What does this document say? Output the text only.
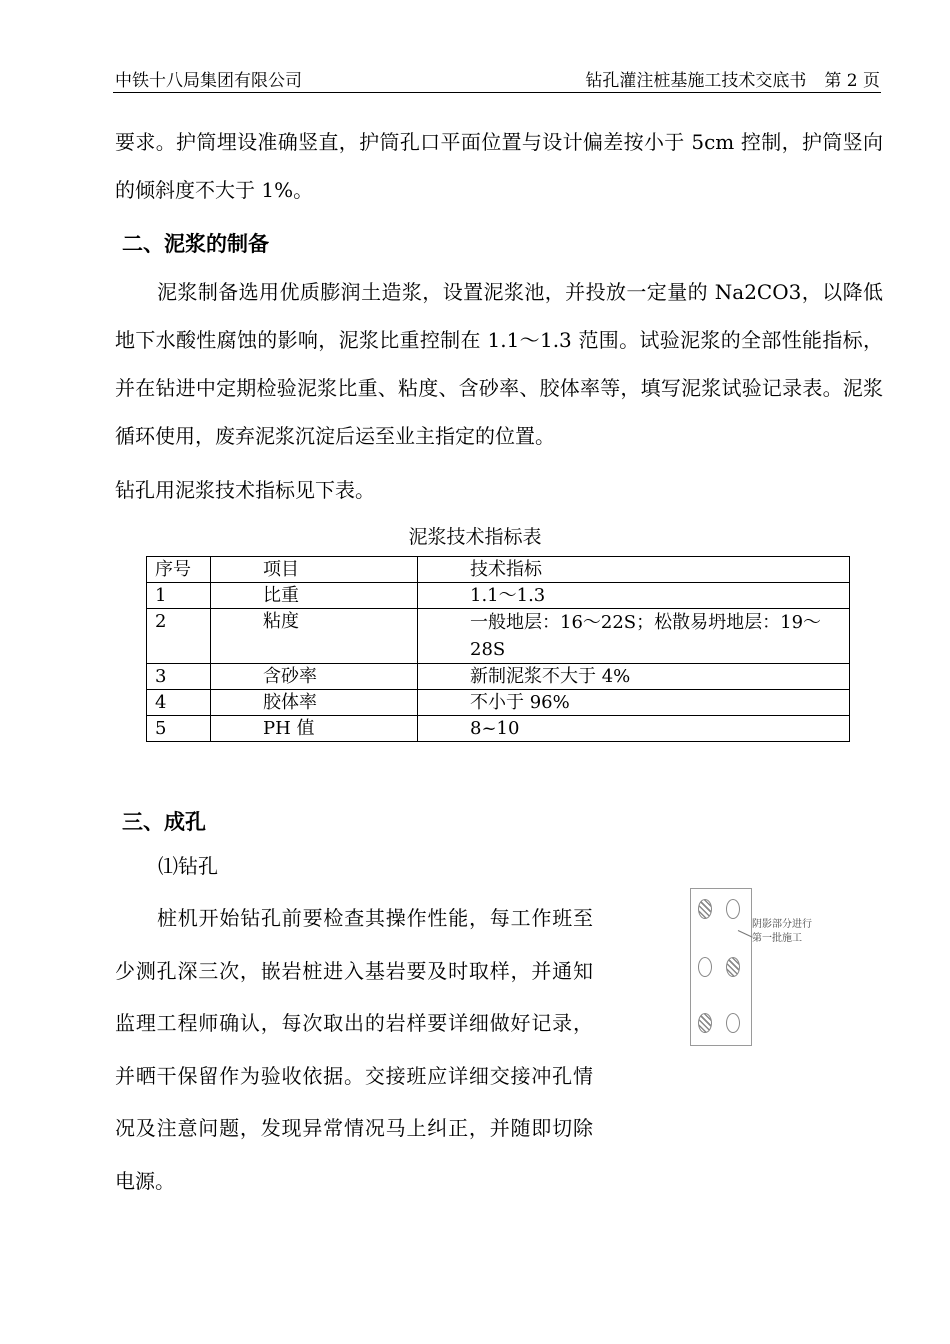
中铁十八局集团有限公司	钻孔灌注桩基施工技术交底书 第 2 页
要求。护筒埋设准确竖直，护筒孔口平面位置与设计偏差按小于 5cm 控制，护筒竖向的倾斜度不大于 1%。
二、泥浆的制备
泥浆制备选用优质膨润土造浆，设置泥浆池，并投放一定量的 Na2CO3，以降低地下水酸性腐蚀的影响，泥浆比重控制在 1.1～1.3 范围。试验泥浆的全部性能指标，并在钻进中定期检验泥浆比重、粘度、含砂率、胶体率等，填写泥浆试验记录表。泥浆循环使用，废弃泥浆沉淀后运至业主指定的位置。
钻孔用泥浆技术指标见下表。
泥浆技术指标表
序号	项目	技术指标
1	比重	1.1～1.3
2	粘度	一般地层：16～22S；松散易坍地层：19～28S

3	含砂率	新制泥浆不大于 4%
4	胶体率	不小于 96%
5	PH 值	8~10
三、成孔
⑴钻孔
桩机开始钻孔前要检查其操作性能，每工作班至少测孔深三次，嵌岩桩进入基岩要及时取样，并通知监理工程师确认，每次取出的岩样要详细做好记录，并晒干保留作为验收依据。交接班应详细交接冲孔情况及注意问题，发现异常情况马上纠正，并随即切除电源。
阴影部分进行第一批施工
